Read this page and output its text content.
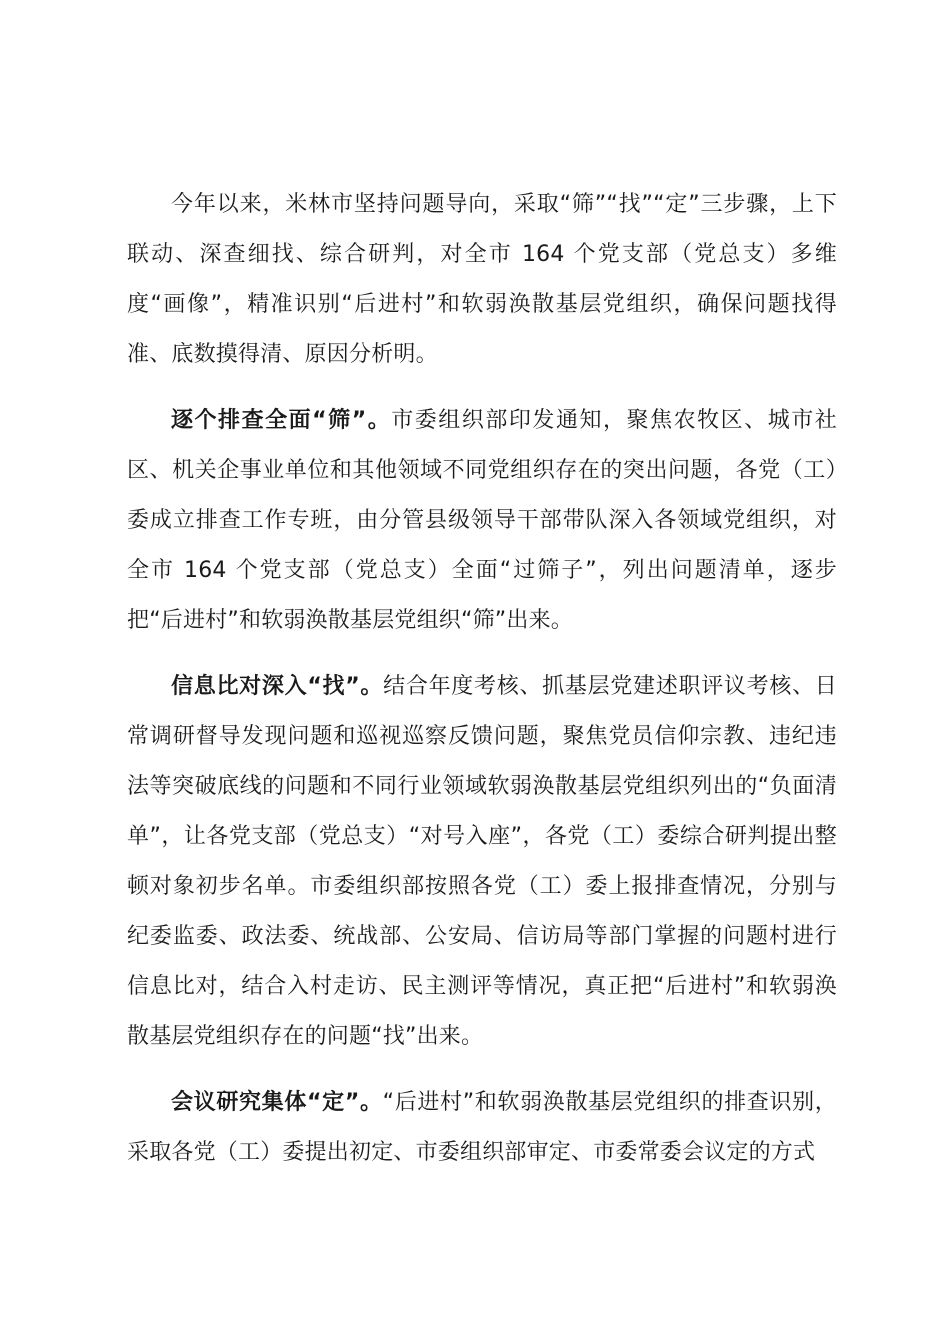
今年以来，米林市坚持问题导向，采取“筛”“找”“定”三步骤，上下联动、深查细找、综合研判，对全市 164 个党支部（党总支）多维度“画像”，精准识别“后进村”和软弱涣散基层党组织，确保问题找得准、底数摸得清、原因分析明。

逐个排查全面“筛”。市委组织部印发通知，聚焦农牧区、城市社区、机关企事业单位和其他领域不同党组织存在的突出问题，各党（工）委成立排查工作专班，由分管县级领导干部带队深入各领域党组织，对全市 164 个党支部（党总支）全面“过筛子”，列出问题清单，逐步把“后进村”和软弱涣散基层党组织“筛”出来。

信息比对深入“找”。结合年度考核、抓基层党建述职评议考核、日常调研督导发现问题和巡视巡察反馈问题，聚焦党员信仰宗教、违纪违法等突破底线的问题和不同行业领域软弱涣散基层党组织列出的“负面清单”，让各党支部（党总支）“对号入座”，各党（工）委综合研判提出整顿对象初步名单。市委组织部按照各党（工）委上报排查情况，分别与纪委监委、政法委、统战部、公安局、信访局等部门掌握的问题村进行信息比对，结合入村走访、民主测评等情况，真正把“后进村”和软弱涣散基层党组织存在的问题“找”出来。

会议研究集体“定”。“后进村”和软弱涣散基层党组织的排查识别，采取各党（工）委提出初定、市委组织部审定、市委常委会议定的方式
